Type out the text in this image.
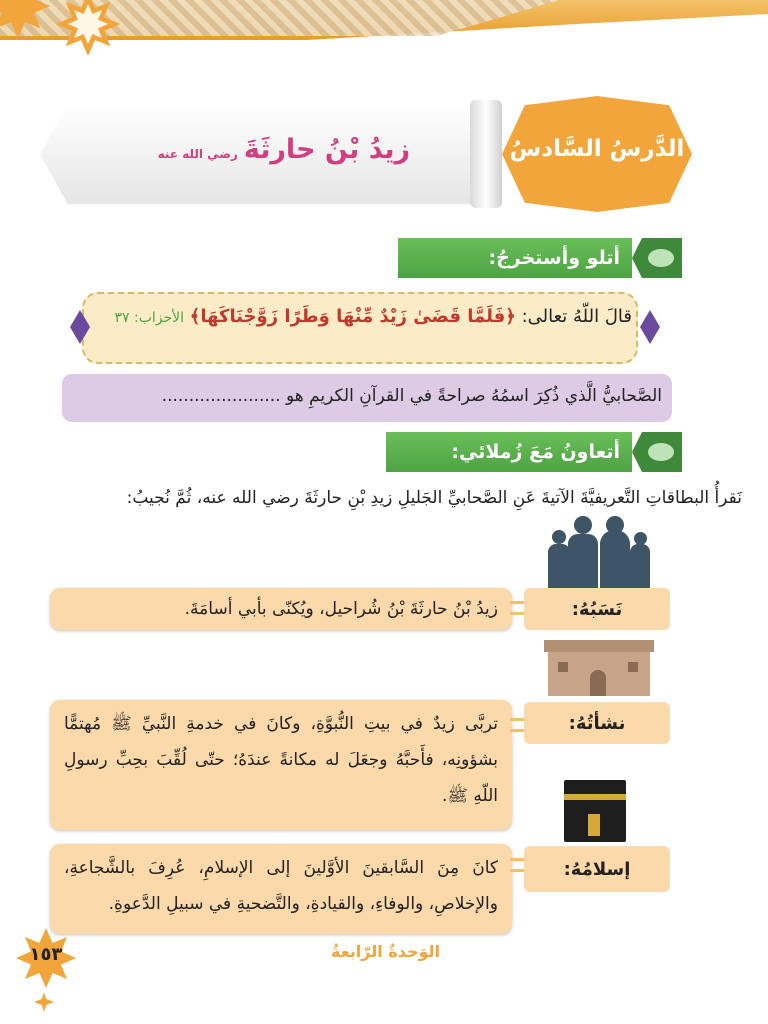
الدَّرسُ السَّادسُ
زيدُ بْنُ حارثَةَرضي الله عنه
أتلو وأستخرجُ:
قالَ اللّهُ تعالى: ﴿فَلَمَّا قَضَىٰ زَيْدٌ مِّنْهَا وَطَرًا زَوَّجْنَاكَهَا﴾ الأحزاب: ٣٧
الصَّحابيُّ الَّذي ذُكِرَ اسمُهُ صراحةً في القرآنِ الكريمِ هو ......................
أتعاونُ مَعَ زُملائي:
نَقرأُ البطاقاتِ التَّعريفيَّةَ الآتيةَ عَنِ الصَّحابيِّ الجَليلِ زيدِ بْنِ حارثَةَ رضي الله عنه، ثُمَّ نُجيبُ:
زيدُ بْنُ حارثَةَ بْنُ شُراحيل، ويُكنّى بأبي أسامَةَ.	نَسَبُهُ:
تربَّى زيدٌ في بيتِ النُّبوَّةِ، وكانَ في خدمةِ النَّبيِّ ﷺ مُهتمًّا بشؤونِه، فأَحبَّهُ وجعَلَ له مكانةً عندَهُ؛ حتّى لُقِّبَ بحِبِّ رسولِ اللّهِ ﷺ.
نشأتُهُ:
كانَ مِنَ السَّابقينَ الأوَّلينَ إلى الإسلامِ، عُرِفَ بالشَّجاعةِ، والإخلاصِ، والوفاءِ، والقيادةِ، والتَّضحيةِ في سبيلِ الدَّعوةِ.
إسلامُهُ:
١٥٣	الوَحدةُ الرّابعةُ
